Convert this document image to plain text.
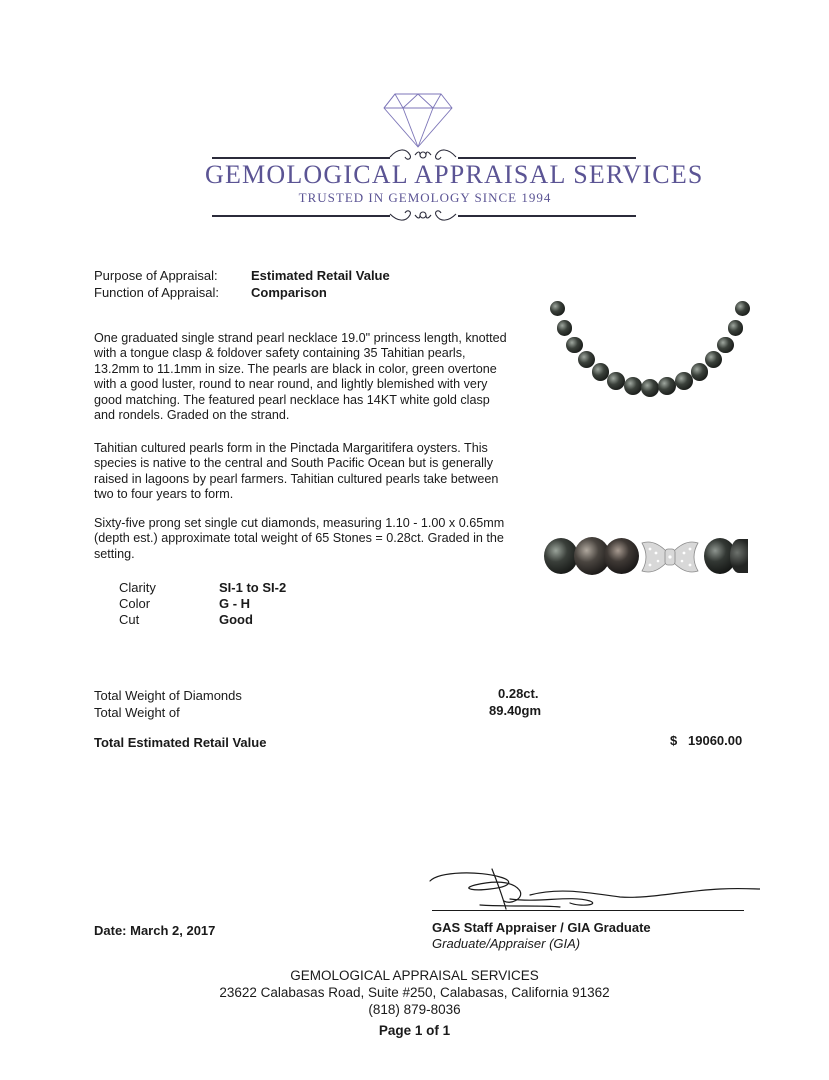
GEMOLOGICAL APPRAISAL SERVICES
TRUSTED IN GEMOLOGY SINCE 1994
Purpose of Appraisal:	Estimated Retail Value
Function of Appraisal: Comparison
One graduated single strand pearl necklace 19.0" princess length, knotted with a tongue clasp & foldover safety containing 35 Tahitian pearls, 13.2mm to 11.1mm in size. The pearls are black in color, green overtone with a good luster, round to near round, and lightly blemished with very good matching. The featured pearl necklace has 14KT white gold clasp and rondels. Graded on the strand.
Tahitian cultured pearls form in the Pinctada Margaritifera oysters. This species is native to the central and South Pacific Ocean but is generally raised in lagoons by pearl farmers. Tahitian cultured pearls take between two to four years to form.
Sixty-five prong set single cut diamonds, measuring 1.10 - 1.00 x 0.65mm (depth est.) approximate total weight of 65 Stones = 0.28ct. Graded in the setting.
Clarity	SI-1 to SI-2
Color	G - H
Cut	Good
Total Weight of Diamonds	0.28ct.
Total Weight of	89.40gm
Total Estimated Retail Value	$ 19060.00
Date: March 2, 2017	GAS Staff Appraiser / GIA Graduate
Graduate/Appraiser (GIA)
GEMOLOGICAL APPRAISAL SERVICES
23622 Calabasas Road, Suite #250, Calabasas, California 91362
(818) 879-8036
Page 1 of 1
